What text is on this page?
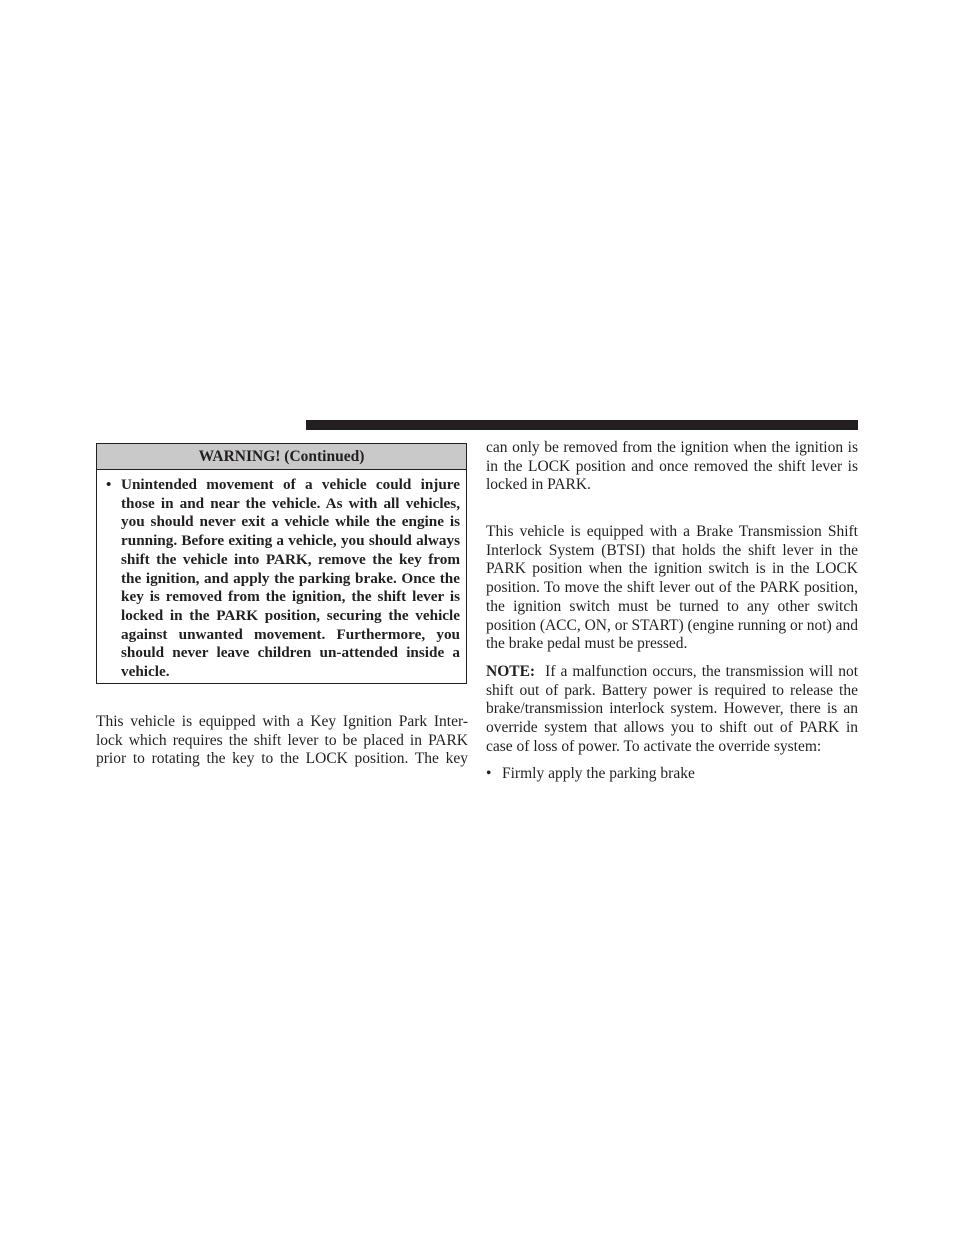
WARNING! (Continued)
• Unintended movement of a vehicle could injure those in and near the vehicle. As with all vehicles, you should never exit a vehicle while the engine is running. Before exiting a vehicle, you should always shift the vehicle into PARK, remove the key from the ignition, and apply the parking brake. Once the key is removed from the ignition, the shift lever is locked in the PARK position, securing the vehicle against unwanted movement. Furthermore, you should never leave children un-attended inside a vehicle.

This vehicle is equipped with a Key Ignition Park Inter-lock which requires the shift lever to be placed in PARK prior to rotating the key to the LOCK position. The key

can only be removed from the ignition when the ignition is in the LOCK position and once removed the shift lever is locked in PARK.

This vehicle is equipped with a Brake Transmission Shift Interlock System (BTSI) that holds the shift lever in the PARK position when the ignition switch is in the LOCK position. To move the shift lever out of the PARK position, the ignition switch must be turned to any other switch position (ACC, ON, or START) (engine running or not) and the brake pedal must be pressed.

NOTE: If a malfunction occurs, the transmission will not shift out of park. Battery power is required to release the brake/transmission interlock system. However, there is an override system that allows you to shift out of PARK in case of loss of power. To activate the override system:

• Firmly apply the parking brake
